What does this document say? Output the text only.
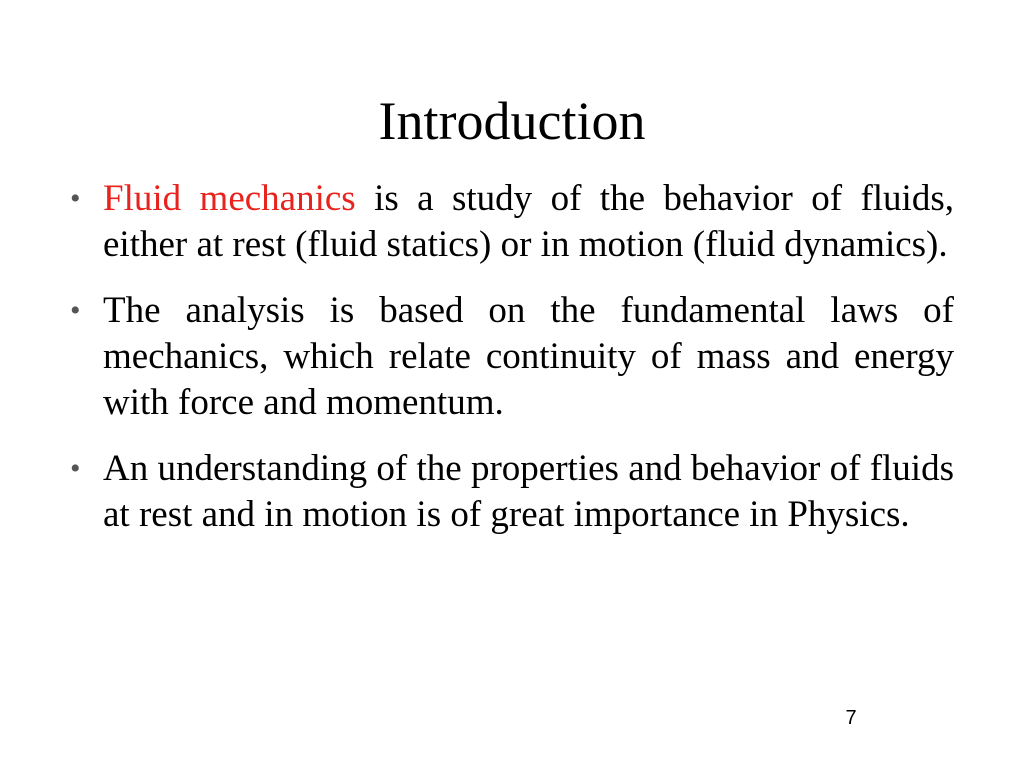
Introduction
• Fluid mechanics is a study of the behavior of fluids, either at rest (fluid statics) or in motion (fluid dynamics).
• The analysis is based on the fundamental laws of mechanics, which relate continuity of mass and energy with force and momentum.
• An understanding of the properties and behavior of fluids at rest and in motion is of great importance in Physics.
7
